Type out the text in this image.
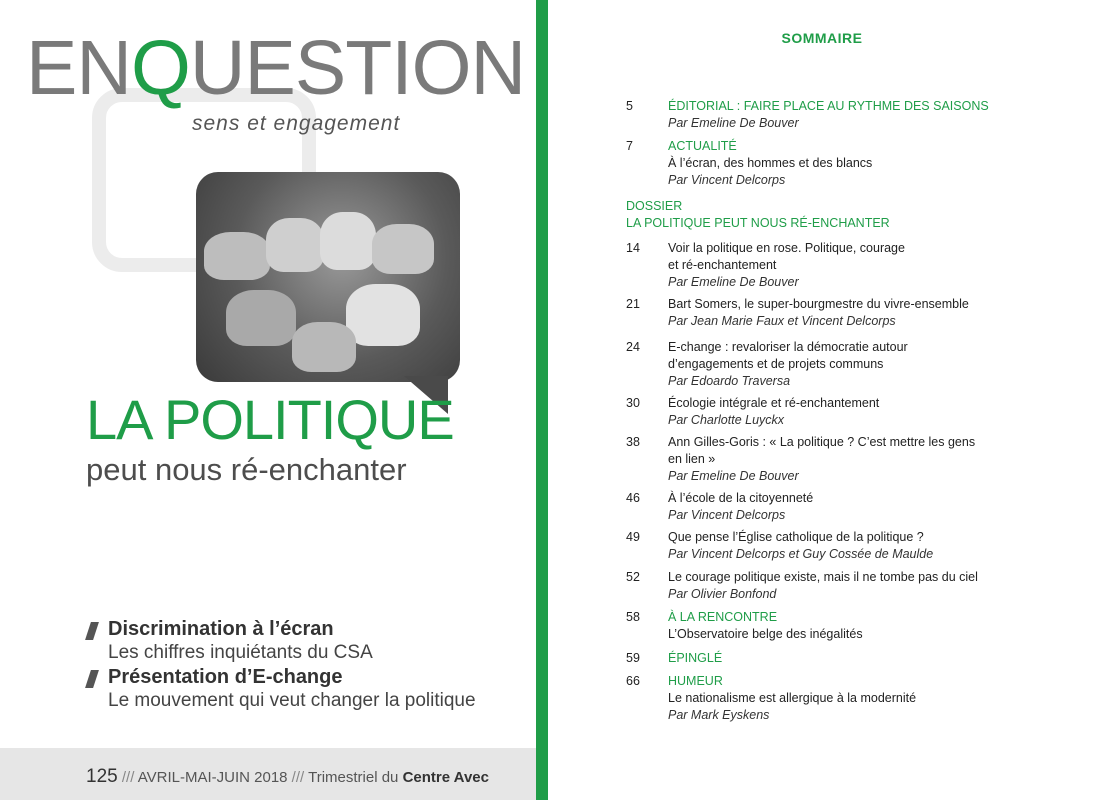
ENQUESTION
sens et engagement
LA POLITIQUE
peut nous ré-enchanter
Discrimination à l’écran
Les chiffres inquiétants du CSA
Présentation d’E-change
Le mouvement qui veut changer la politique
125 /// AVRIL-MAI-JUIN 2018 /// Trimestriel du Centre Avec
SOMMAIRE
5	ÉDITORIAL : FAIRE PLACE AU RYTHME DES SAISONS
Par Emeline De Bouver
7	ACTUALITÉ
À l’écran, des hommes et des blancs
Par Vincent Delcorps
DOSSIER
LA POLITIQUE PEUT NOUS RÉ-ENCHANTER
14	Voir la politique en rose. Politique, courage
et ré-enchantement
Par Emeline De Bouver
21	Bart Somers, le super-bourgmestre du vivre-ensemble
Par Jean Marie Faux et Vincent Delcorps
24	E-change : revaloriser la démocratie autour
d’engagements et de projets communs
Par Edoardo Traversa
30	Écologie intégrale et ré-enchantement
Par Charlotte Luyckx
38	Ann Gilles-Goris : « La politique ? C’est mettre les gens
en lien »
Par Emeline De Bouver
46	À l’école de la citoyenneté
Par Vincent Delcorps
49	Que pense l’Église catholique de la politique ?
Par Vincent Delcorps et Guy Cossée de Maulde
52	Le courage politique existe, mais il ne tombe pas du ciel
Par Olivier Bonfond
58	À LA RENCONTRE
L’Observatoire belge des inégalités
59	ÉPINGLÉ
66	HUMEUR
Le nationalisme est allergique à la modernité
Par Mark Eyskens
